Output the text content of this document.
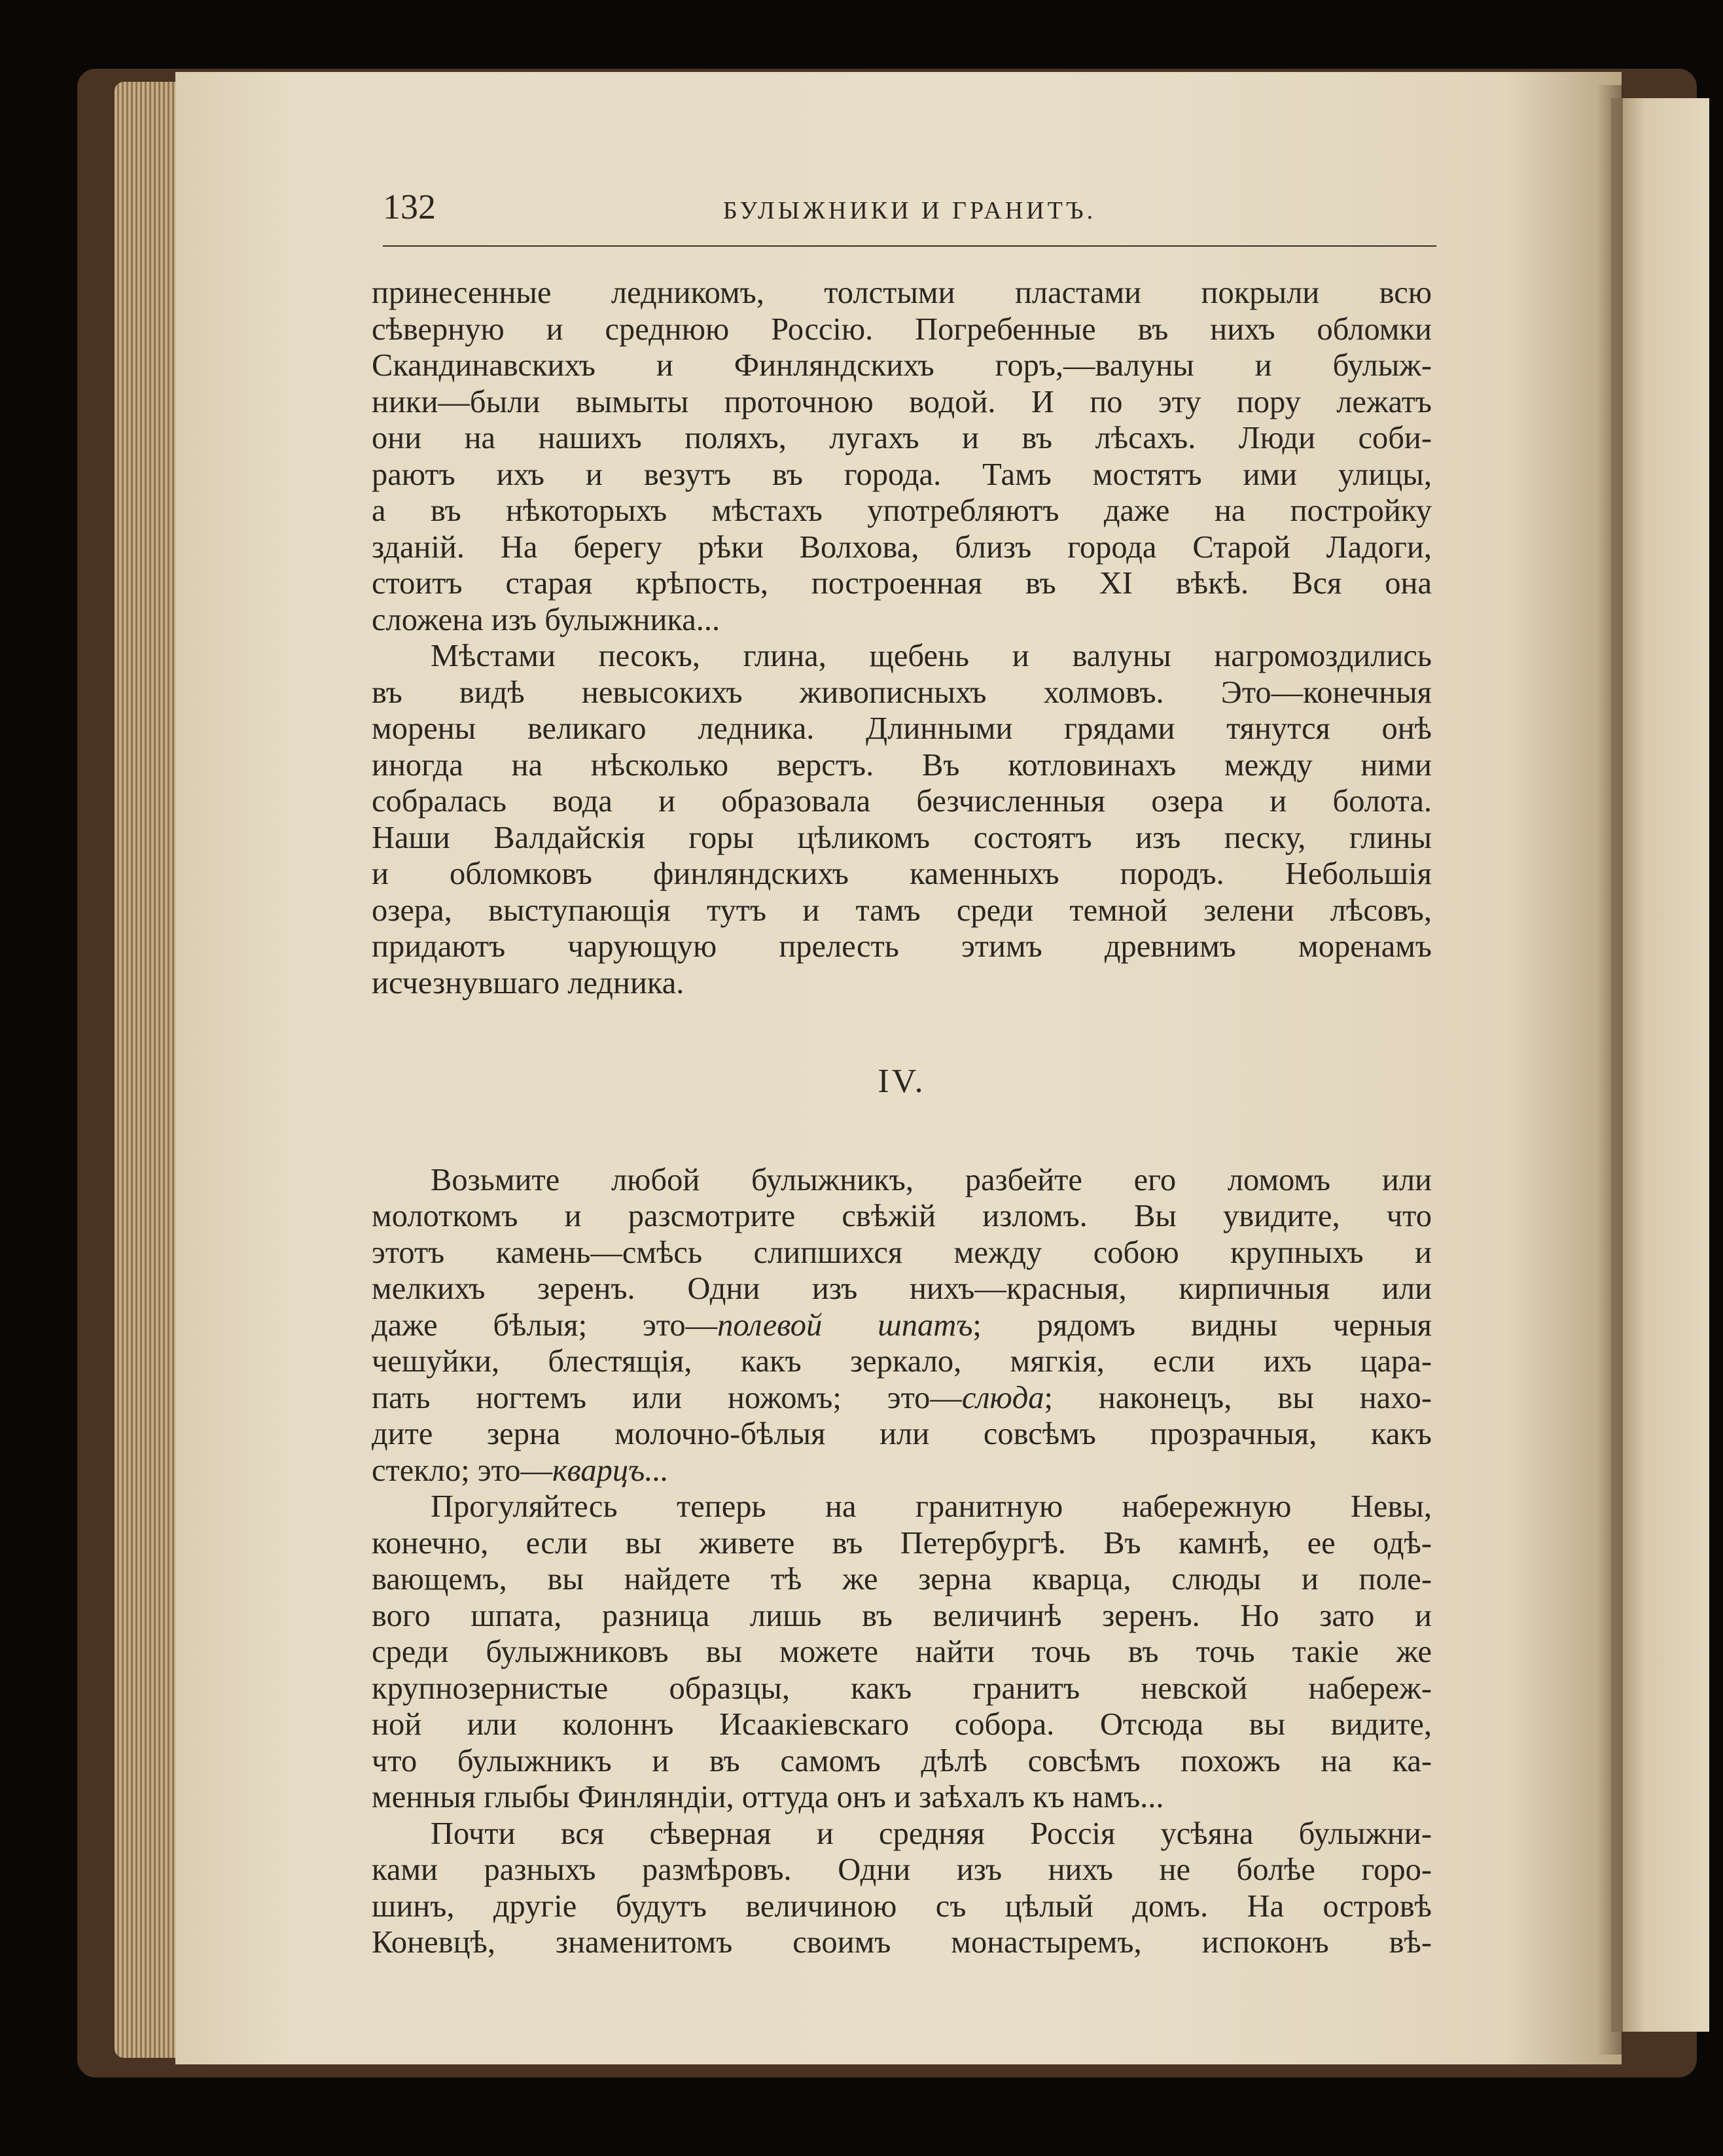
132	БУЛЫЖНИКИ И ГРАНИТЪ.
принесенные ледникомъ, толстыми пластами покрыли всю
сѣверную и среднюю Россію. Погребенные въ нихъ обломки
Скандинавскихъ и Финляндскихъ горъ,—валуны и булыж-
ники—были вымыты проточною водой. И по эту пору лежатъ
они на нашихъ поляхъ, лугахъ и въ лѣсахъ. Люди соби-
раютъ ихъ и везутъ въ города. Тамъ мостятъ ими улицы,
а въ нѣкоторыхъ мѣстахъ употребляютъ даже на постройку
зданій. На берегу рѣки Волхова, близъ города Старой Ладоги,
стоитъ старая крѣпость, построенная въ XI вѣкѣ. Вся она
сложена изъ булыжника...
Мѣстами песокъ, глина, щебень и валуны нагромоздились
въ видѣ невысокихъ живописныхъ холмовъ. Это—конечныя
морены великаго ледника. Длинными грядами тянутся онѣ
иногда на нѣсколько верстъ. Въ котловинахъ между ними
собралась вода и образовала безчисленныя озера и болота.
Наши Валдайскія горы цѣликомъ состоятъ изъ песку, глины
и обломковъ финляндскихъ каменныхъ породъ. Небольшія
озера, выступающія тутъ и тамъ среди темной зелени лѣсовъ,
придаютъ чарующую прелесть этимъ древнимъ моренамъ
исчезнувшаго ледника.
IV.
Возьмите любой булыжникъ, разбейте его ломомъ или
молоткомъ и разсмотрите свѣжій изломъ. Вы увидите, что
этотъ камень—смѣсь слипшихся между собою крупныхъ и
мелкихъ зеренъ. Одни изъ нихъ—красныя, кирпичныя или
даже бѣлыя; это—полевой шпатъ; рядомъ видны черныя
чешуйки, блестящія, какъ зеркало, мягкія, если ихъ цара-
пать ногтемъ или ножомъ; это—слюда; наконецъ, вы нахо-
дите зерна молочно-бѣлыя или совсѣмъ прозрачныя, какъ
стекло; это—кварцъ...
Прогуляйтесь теперь на гранитную набережную Невы,
конечно, если вы живете въ Петербургѣ. Въ камнѣ, ее одѣ-
вающемъ, вы найдете тѣ же зерна кварца, слюды и поле-
вого шпата, разница лишь въ величинѣ зеренъ. Но зато и
среди булыжниковъ вы можете найти точь въ точь такіе же
крупнозернистые образцы, какъ гранитъ невской набереж-
ной или колоннъ Исаакіевскаго собора. Отсюда вы видите,
что булыжникъ и въ самомъ дѣлѣ совсѣмъ похожъ на ка-
менныя глыбы Финляндіи, оттуда онъ и заѣхалъ къ намъ...
Почти вся сѣверная и средняя Россія усѣяна булыжни-
ками разныхъ размѣровъ. Одни изъ нихъ не болѣе горо-
шинъ, другіе будутъ величиною съ цѣлый домъ. На островѣ
Коневцѣ, знаменитомъ своимъ монастыремъ, испоконъ вѣ-
